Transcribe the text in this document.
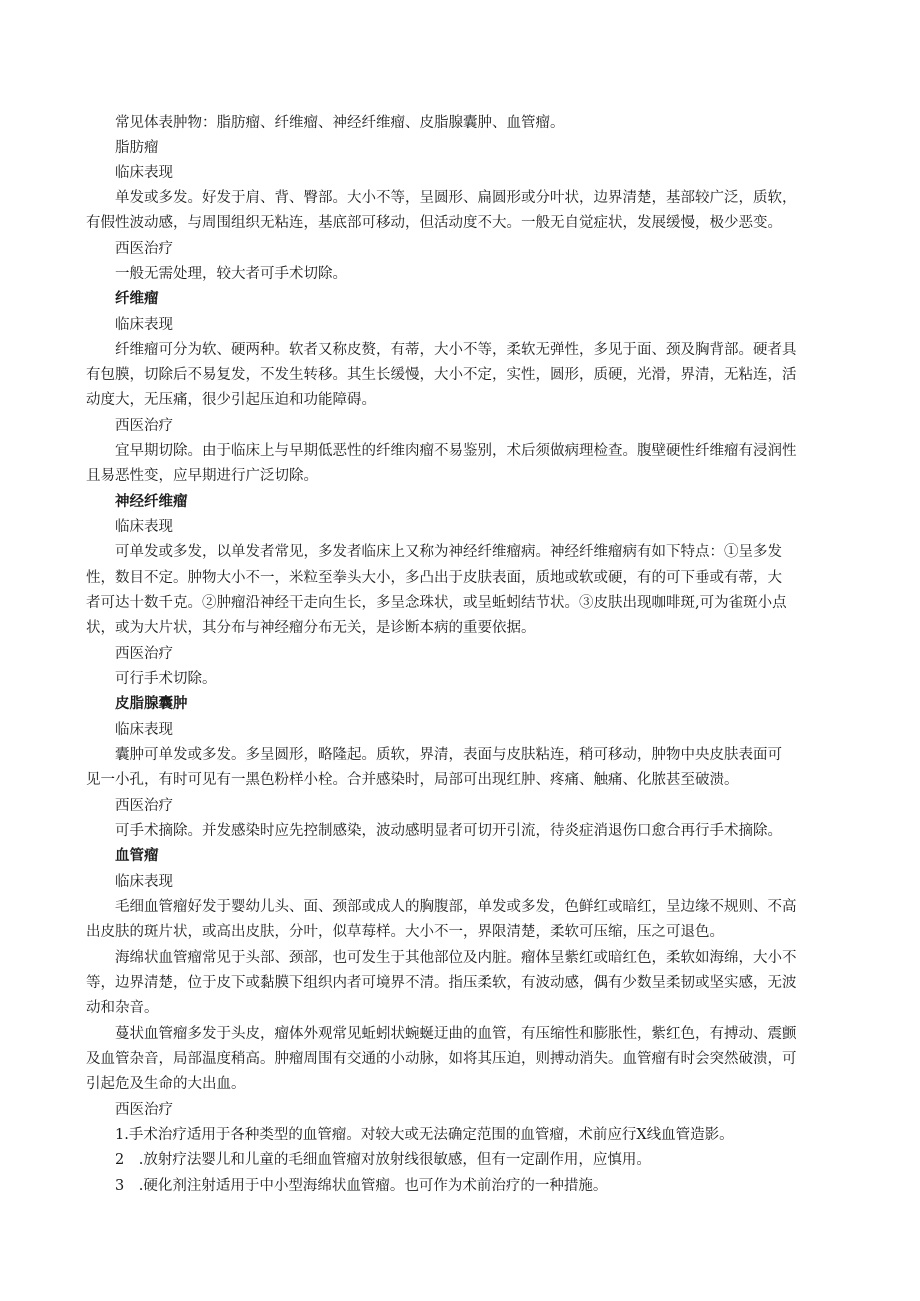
常见体表肿物：脂肪瘤、纤维瘤、神经纤维瘤、皮脂腺囊肿、血管瘤。
脂肪瘤
临床表现
单发或多发。好发于肩、背、臀部。大小不等，呈圆形、扁圆形或分叶状，边界清楚，基部较广泛，质软，
有假性波动感，与周围组织无粘连，基底部可移动，但活动度不大。一般无自觉症状，发展缓慢，极少恶变。
西医治疗
一般无需处理，较大者可手术切除。
纤维瘤
临床表现
纤维瘤可分为软、硬两种。软者又称皮赘，有蒂，大小不等，柔软无弹性，多见于面、颈及胸背部。硬者具
有包膜，切除后不易复发，不发生转移。其生长缓慢，大小不定，实性，圆形，质硬，光滑，界清，无粘连，活
动度大，无压痛，很少引起压迫和功能障碍。
西医治疗
宜早期切除。由于临床上与早期低恶性的纤维肉瘤不易鉴别，术后须做病理检查。腹壁硬性纤维瘤有浸润性
且易恶性变，应早期进行广泛切除。
神经纤维瘤
临床表现
可单发或多发，以单发者常见，多发者临床上又称为神经纤维瘤病。神经纤维瘤病有如下特点：①呈多发
性，数目不定。肿物大小不一，米粒至拳头大小，多凸出于皮肤表面，质地或软或硬，有的可下垂或有蒂，大
者可达十数千克。②肿瘤沿神经干走向生长，多呈念珠状，或呈蚯蚓结节状。③皮肤出现咖啡斑,可为雀斑小点
状，或为大片状，其分布与神经瘤分布无关，是诊断本病的重要依据。
西医治疗
可行手术切除。
皮脂腺囊肿
临床表现
囊肿可单发或多发。多呈圆形，略隆起。质软，界清，表面与皮肤粘连，稍可移动，肿物中央皮肤表面可
见一小孔，有时可见有一黑色粉样小栓。合并感染时，局部可出现红肿、疼痛、触痛、化脓甚至破溃。
西医治疗
可手术摘除。并发感染时应先控制感染，波动感明显者可切开引流，待炎症消退伤口愈合再行手术摘除。
血管瘤
临床表现
毛细血管瘤好发于婴幼儿头、面、颈部或成人的胸腹部，单发或多发，色鲜红或暗红，呈边缘不规则、不高
出皮肤的斑片状，或高出皮肤，分叶，似草莓样。大小不一，界限清楚，柔软可压缩，压之可退色。
海绵状血管瘤常见于头部、颈部，也可发生于其他部位及内脏。瘤体呈紫红或暗红色，柔软如海绵，大小不
等，边界清楚，位于皮下或黏膜下组织内者可境界不清。指压柔软，有波动感，偶有少数呈柔韧或坚实感，无波
动和杂音。
蔓状血管瘤多发于头皮，瘤体外观常见蚯蚓状蜿蜒迂曲的血管，有压缩性和膨胀性，紫红色，有搏动、震颤
及血管杂音，局部温度稍高。肿瘤周围有交通的小动脉，如将其压迫，则搏动消失。血管瘤有时会突然破溃，可
引起危及生命的大出血。
西医治疗
1.手术治疗适用于各种类型的血管瘤。对较大或无法确定范围的血管瘤，术前应行X线血管造影。
2　.放射疗法婴儿和儿童的毛细血管瘤对放射线很敏感，但有一定副作用，应慎用。
3　.硬化剂注射适用于中小型海绵状血管瘤。也可作为术前治疗的一种措施。
